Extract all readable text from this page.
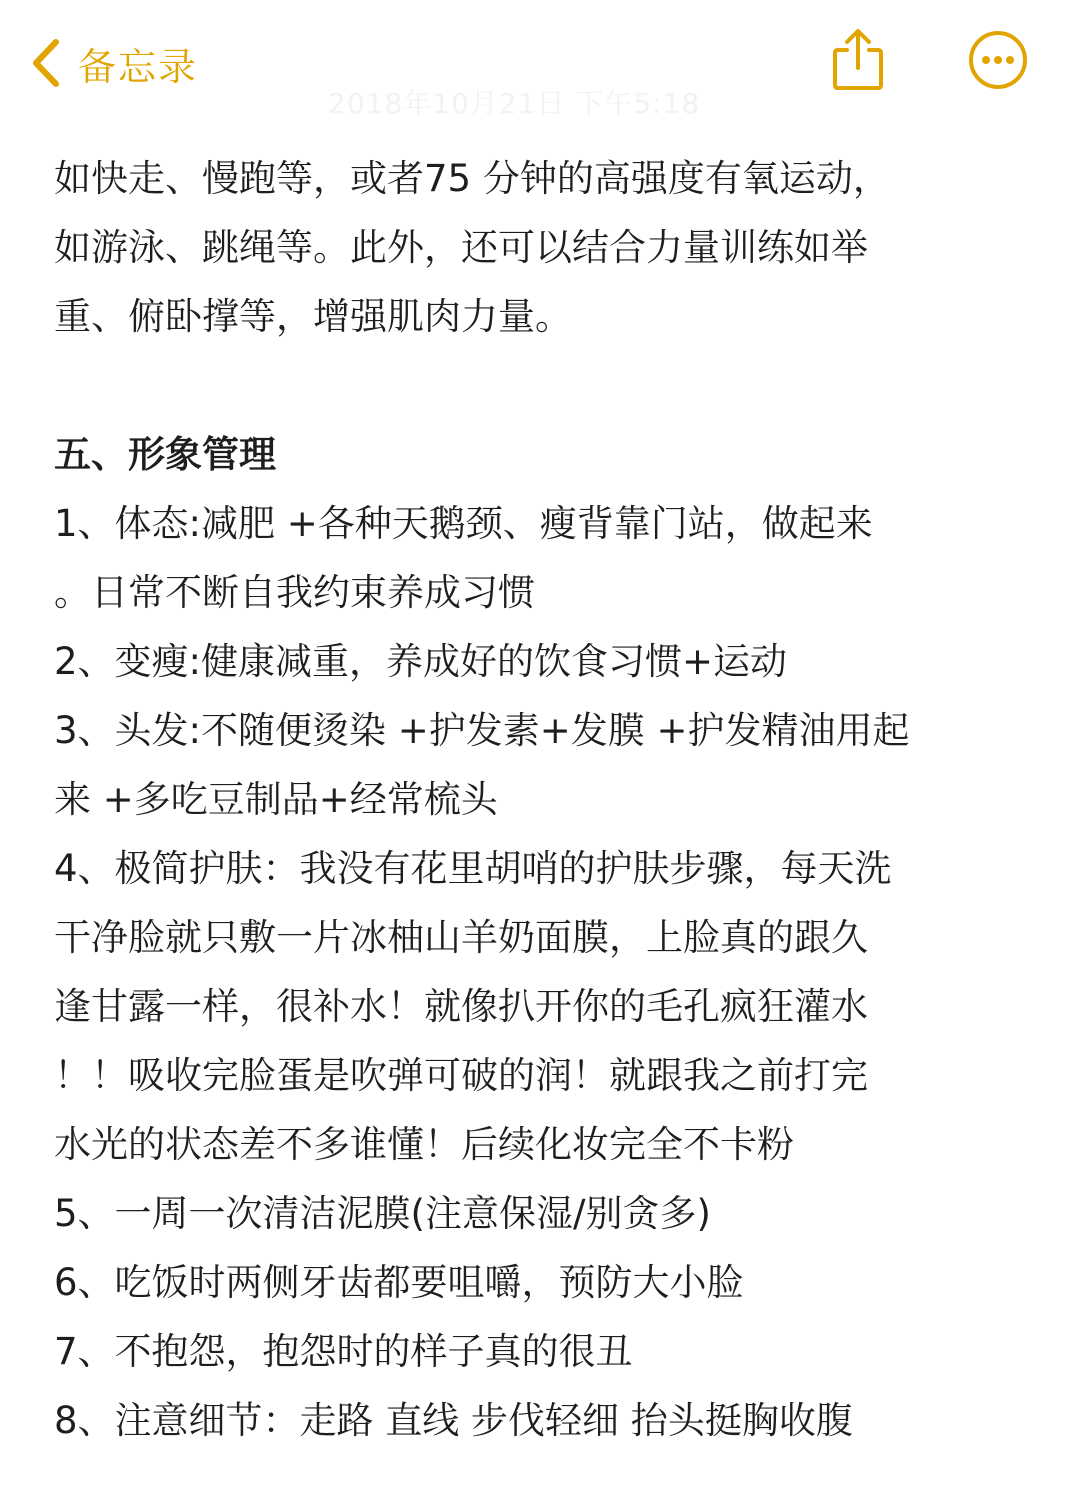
备忘录
2018年10月21日 下午5:18

如快走、慢跑等，或者75 分钟的高强度有氧运动，

如游泳、跳绳等。此外，还可以结合力量训练如举

重、俯卧撑等，增强肌肉力量。

五、形象管理

1、体态:减肥 +各种天鹅颈、瘦背靠门站，做起来

。日常不断自我约束养成习惯

2、变瘦:健康减重，养成好的饮食习惯+运动

3、头发:不随便烫染 +护发素+发膜 +护发精油用起

来 +多吃豆制品+经常梳头

4、极简护肤：我没有花里胡哨的护肤步骤，每天洗

干净脸就只敷一片冰柚山羊奶面膜，上脸真的跟久

逢甘露一样，很补水！就像扒开你的毛孔疯狂灌水

！！吸收完脸蛋是吹弹可破的润！就跟我之前打完

水光的状态差不多谁懂！后续化妆完全不卡粉

5、一周一次清洁泥膜(注意保湿/别贪多)

6、吃饭时两侧牙齿都要咀嚼，预防大小脸

7、不抱怨，抱怨时的样子真的很丑

8、注意细节：走路 直线 步伐轻细 抬头挺胸收腹
